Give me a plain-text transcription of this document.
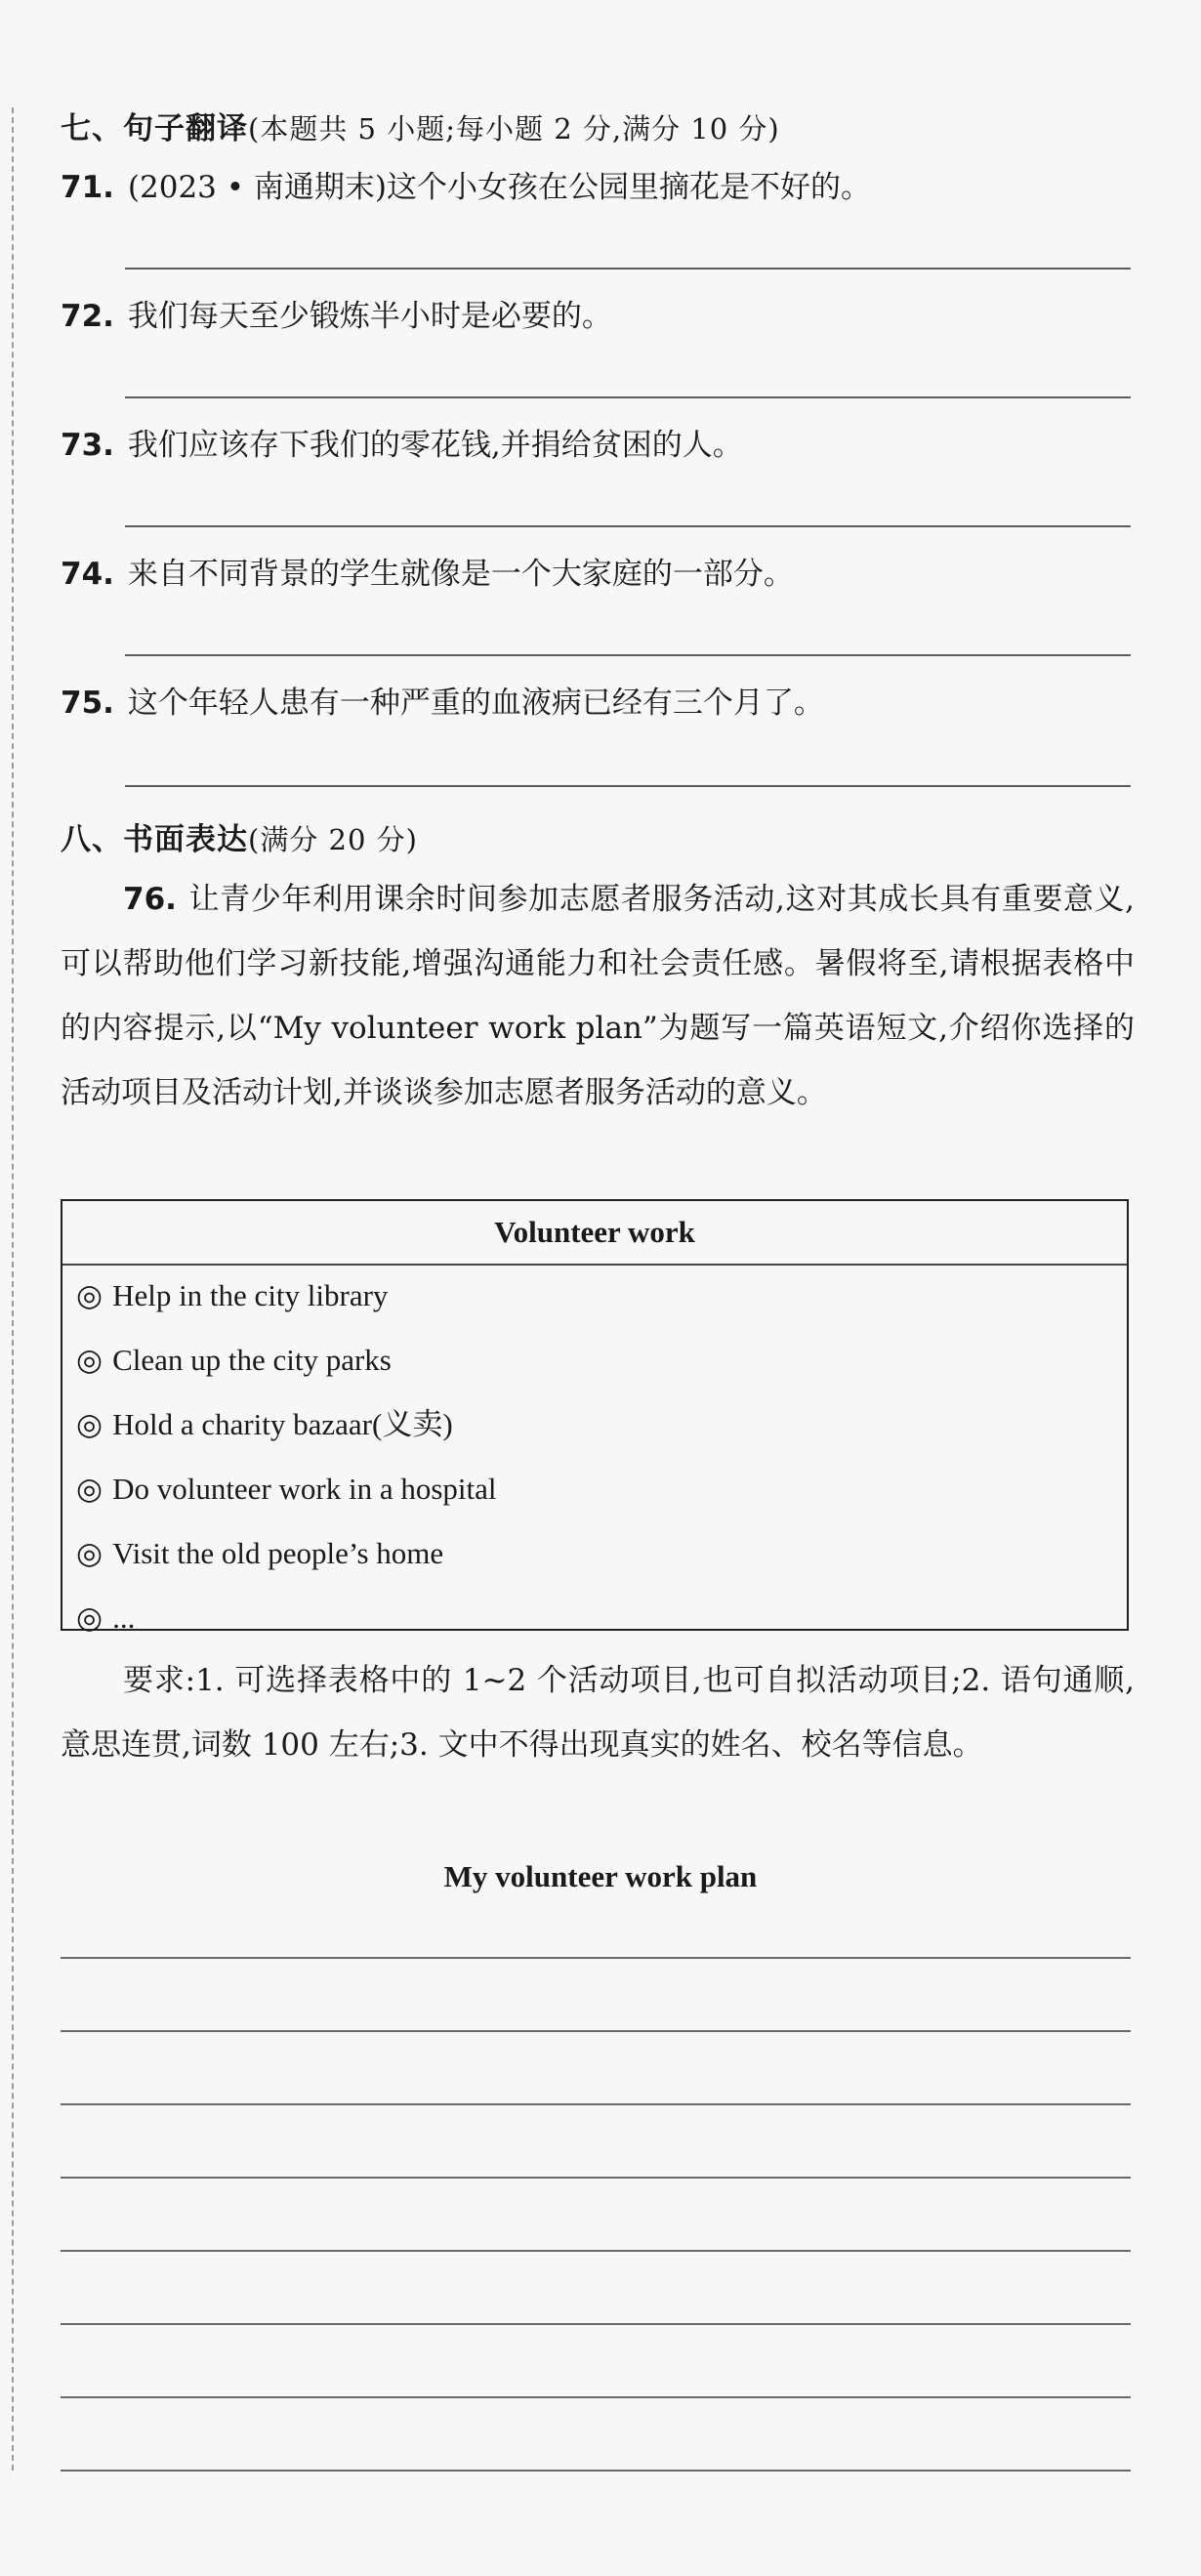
七、句子翻译(本题共 5 小题;每小题 2 分,满分 10 分)
71. (2023 • 南通期末)这个小女孩在公园里摘花是不好的。
72. 我们每天至少锻炼半小时是必要的。
73. 我们应该存下我们的零花钱,并捐给贫困的人。
74. 来自不同背景的学生就像是一个大家庭的一部分。
75. 这个年轻人患有一种严重的血液病已经有三个月了。
八、书面表达(满分 20 分)
76. 让青少年利用课余时间参加志愿者服务活动,这对其成长具有重要意义,可以帮助他们学习新技能,增强沟通能力和社会责任感。暑假将至,请根据表格中的内容提示,以“My volunteer work plan”为题写一篇英语短文,介绍你选择的活动项目及活动计划,并谈谈参加志愿者服务活动的意义。
Volunteer work
◎ Help in the city library
◎ Clean up the city parks
◎ Hold a charity bazaar(义卖)
◎ Do volunteer work in a hospital
◎ Visit the old people’s home
◎ ...
要求:1. 可选择表格中的 1~2 个活动项目,也可自拟活动项目;2. 语句通顺,意思连贯,词数 100 左右;3. 文中不得出现真实的姓名、校名等信息。
My volunteer work plan
